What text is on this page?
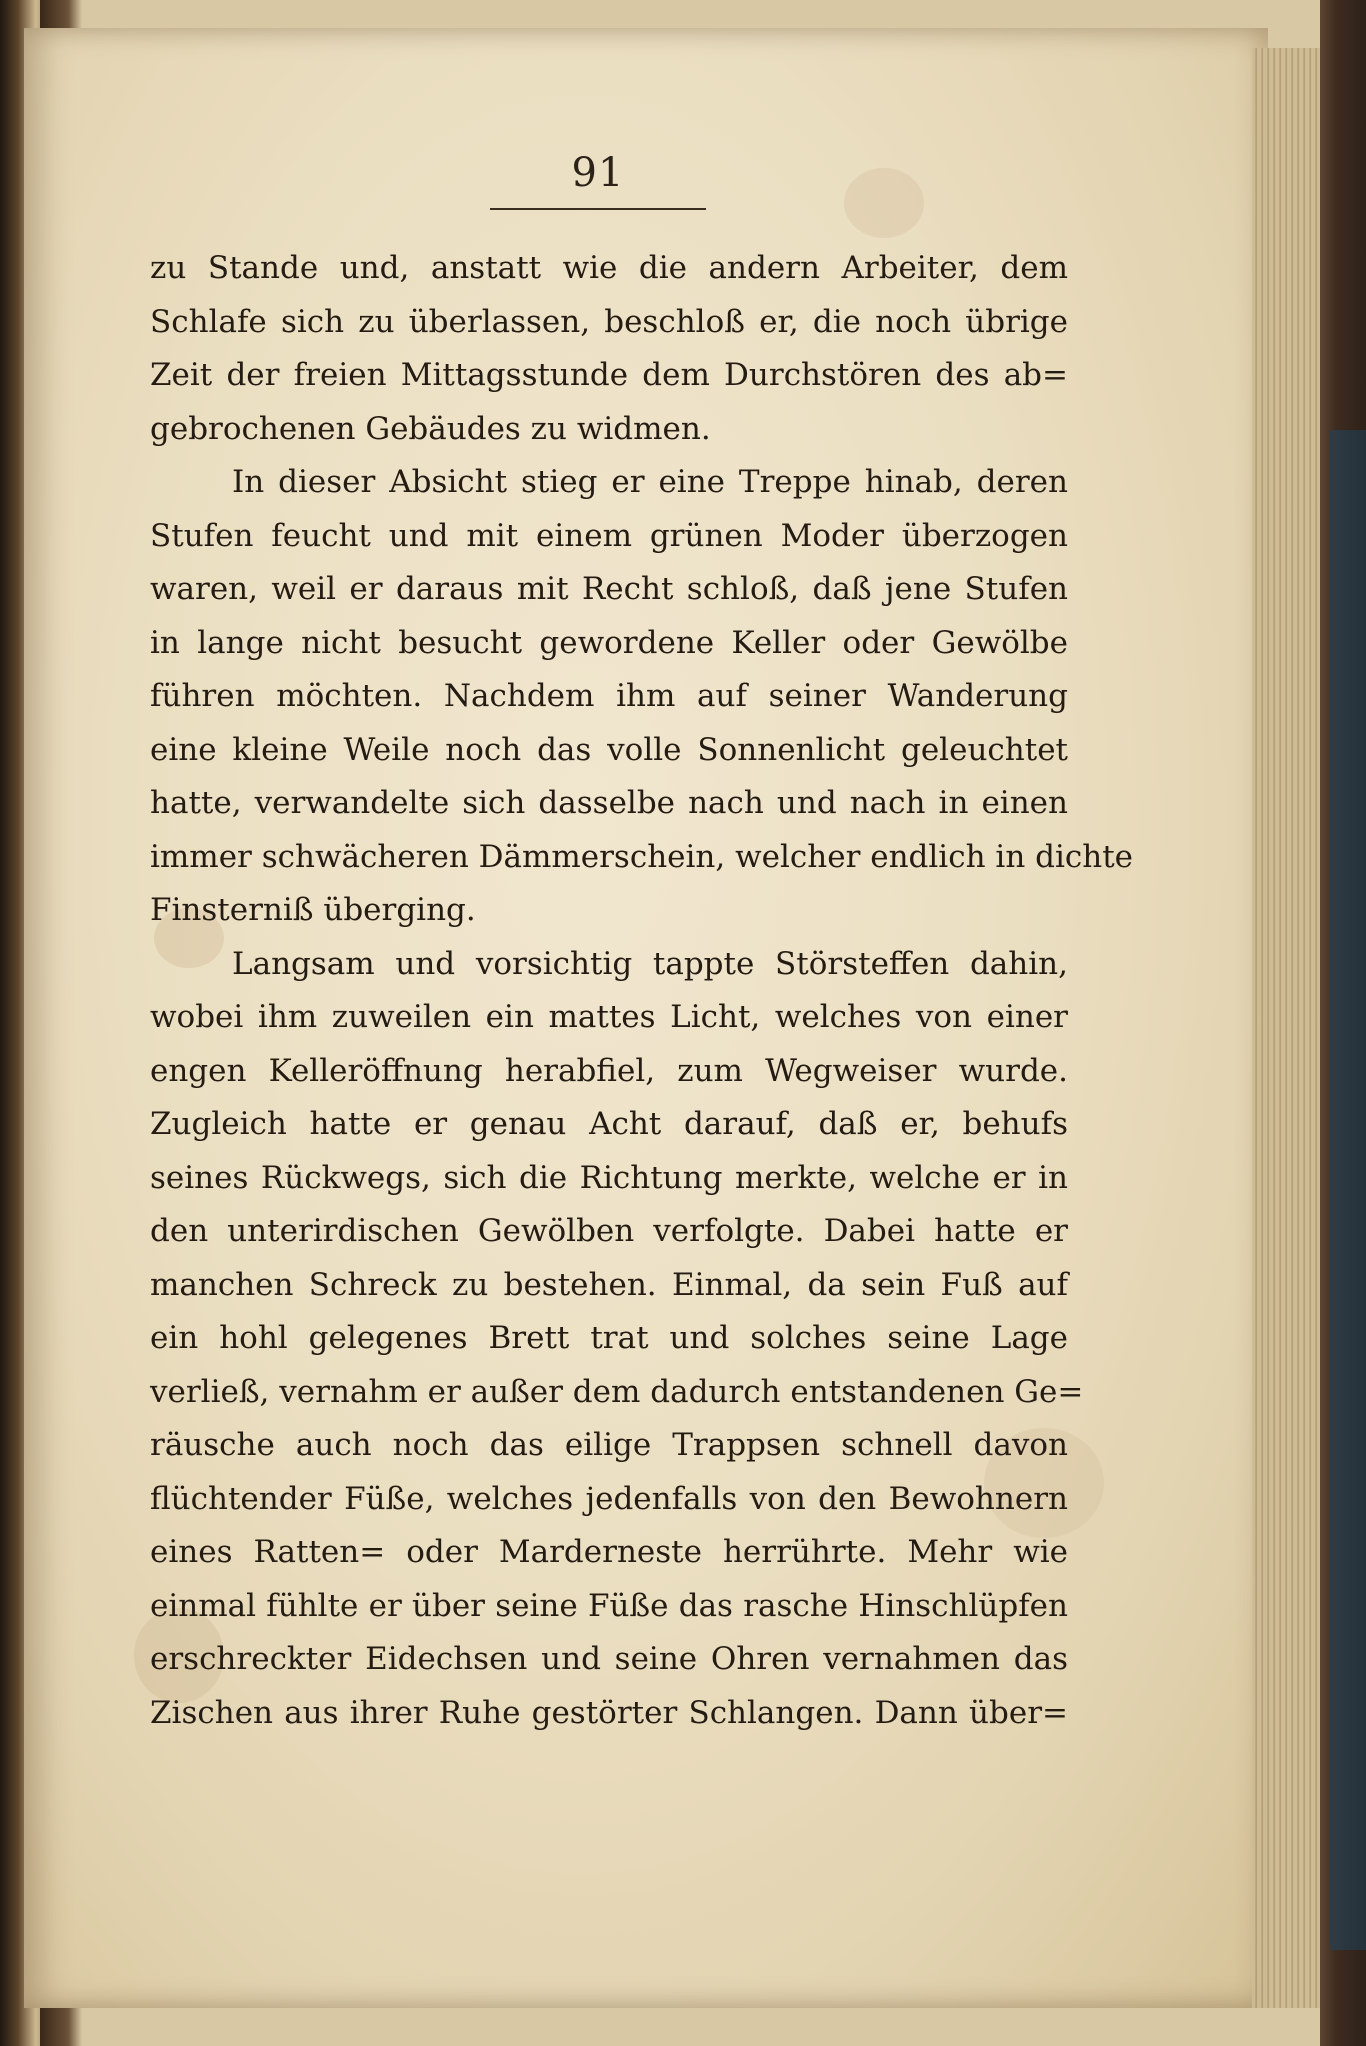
91
zu Stande und, anstatt wie die andern Arbeiter, dem
Schlafe sich zu überlassen, beschloß er, die noch übrige
Zeit der freien Mittagsstunde dem Durchstören des ab=
gebrochenen Gebäudes zu widmen.
In dieser Absicht stieg er eine Treppe hinab, deren
Stufen feucht und mit einem grünen Moder überzogen
waren, weil er daraus mit Recht schloß, daß jene Stufen
in lange nicht besucht gewordene Keller oder Gewölbe
führen möchten. Nachdem ihm auf seiner Wanderung
eine kleine Weile noch das volle Sonnenlicht geleuchtet
hatte, verwandelte sich dasselbe nach und nach in einen
immer schwächeren Dämmerschein, welcher endlich in dichte
Finsterniß überging.
Langsam und vorsichtig tappte Störsteffen dahin,
wobei ihm zuweilen ein mattes Licht, welches von einer
engen Kelleröffnung herabfiel, zum Wegweiser wurde.
Zugleich hatte er genau Acht darauf, daß er, behufs
seines Rückwegs, sich die Richtung merkte, welche er in
den unterirdischen Gewölben verfolgte. Dabei hatte er
manchen Schreck zu bestehen. Einmal, da sein Fuß auf
ein hohl gelegenes Brett trat und solches seine Lage
verließ, vernahm er außer dem dadurch entstandenen Ge=
räusche auch noch das eilige Trappsen schnell davon
flüchtender Füße, welches jedenfalls von den Bewohnern
eines Ratten= oder Marderneste herrührte. Mehr wie
einmal fühlte er über seine Füße das rasche Hinschlüpfen
erschreckter Eidechsen und seine Ohren vernahmen das
Zischen aus ihrer Ruhe gestörter Schlangen. Dann über=
